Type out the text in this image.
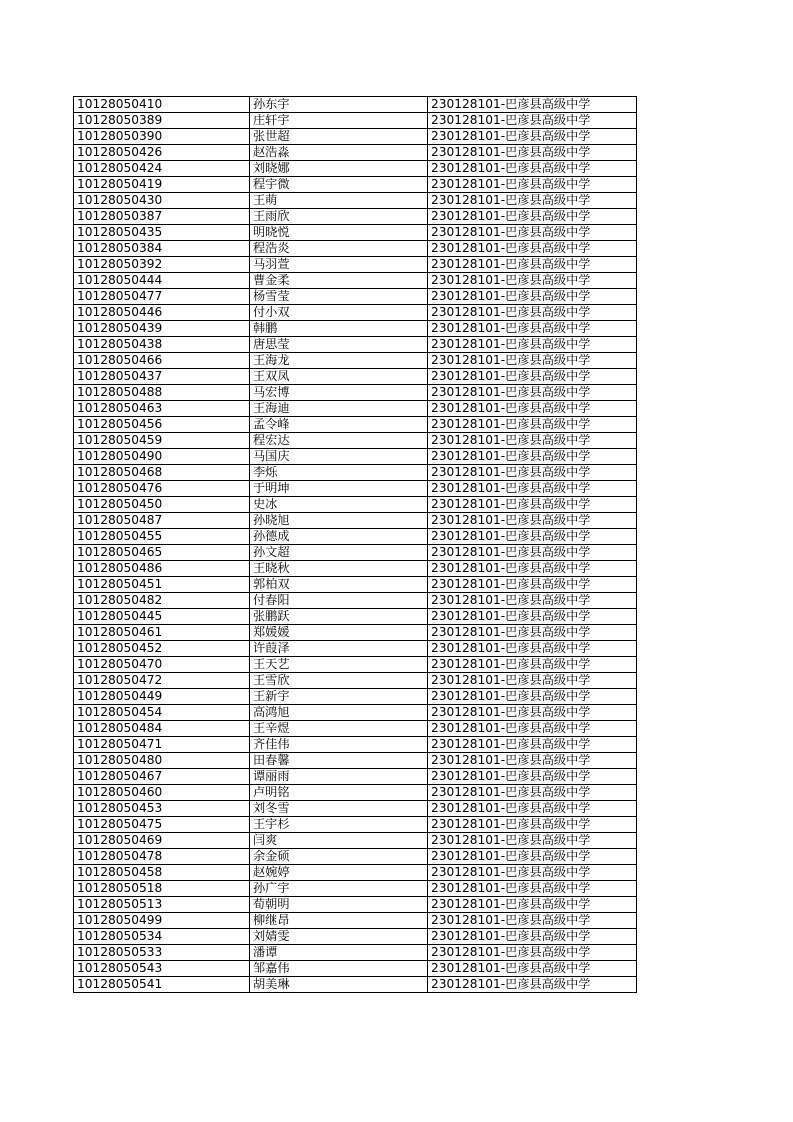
10128050410	孙东宇	230128101-巴彦县高级中学
10128050389	庄轩宇	230128101-巴彦县高级中学
10128050390	张世超	230128101-巴彦县高级中学
10128050426	赵浩淼	230128101-巴彦县高级中学
10128050424	刘晓娜	230128101-巴彦县高级中学
10128050419	程宇微	230128101-巴彦县高级中学
10128050430	王萌	230128101-巴彦县高级中学
10128050387	王雨欣	230128101-巴彦县高级中学
10128050435	明晓悦	230128101-巴彦县高级中学
10128050384	程浩炎	230128101-巴彦县高级中学
10128050392	马羽萱	230128101-巴彦县高级中学
10128050444	曹金柔	230128101-巴彦县高级中学
10128050477	杨雪莹	230128101-巴彦县高级中学
10128050446	付小双	230128101-巴彦县高级中学
10128050439	韩鹏	230128101-巴彦县高级中学
10128050438	唐思莹	230128101-巴彦县高级中学
10128050466	王海龙	230128101-巴彦县高级中学
10128050437	王双凤	230128101-巴彦县高级中学
10128050488	马宏博	230128101-巴彦县高级中学
10128050463	王海迪	230128101-巴彦县高级中学
10128050456	孟令峰	230128101-巴彦县高级中学
10128050459	程宏达	230128101-巴彦县高级中学
10128050490	马国庆	230128101-巴彦县高级中学
10128050468	李烁	230128101-巴彦县高级中学
10128050476	于明坤	230128101-巴彦县高级中学
10128050450	史冰	230128101-巴彦县高级中学
10128050487	孙晓旭	230128101-巴彦县高级中学
10128050455	孙德成	230128101-巴彦县高级中学
10128050465	孙文超	230128101-巴彦县高级中学
10128050486	王晓秋	230128101-巴彦县高级中学
10128050451	郭柏双	230128101-巴彦县高级中学
10128050482	付春阳	230128101-巴彦县高级中学
10128050445	张鹏跃	230128101-巴彦县高级中学
10128050461	郑媛媛	230128101-巴彦县高级中学
10128050452	许葭泽	230128101-巴彦县高级中学
10128050470	王天艺	230128101-巴彦县高级中学
10128050472	王雪欣	230128101-巴彦县高级中学
10128050449	王新宇	230128101-巴彦县高级中学
10128050454	高鸿旭	230128101-巴彦县高级中学
10128050484	王辛煜	230128101-巴彦县高级中学
10128050471	齐佳伟	230128101-巴彦县高级中学
10128050480	田春馨	230128101-巴彦县高级中学
10128050467	谭丽雨	230128101-巴彦县高级中学
10128050460	卢明铭	230128101-巴彦县高级中学
10128050453	刘冬雪	230128101-巴彦县高级中学
10128050475	王宇杉	230128101-巴彦县高级中学
10128050469	闫爽	230128101-巴彦县高级中学
10128050478	余金硕	230128101-巴彦县高级中学
10128050458	赵婉婷	230128101-巴彦县高级中学
10128050518	孙广宇	230128101-巴彦县高级中学
10128050513	荀朝明	230128101-巴彦县高级中学
10128050499	柳继昂	230128101-巴彦县高级中学
10128050534	刘婧雯	230128101-巴彦县高级中学
10128050533	潘谭	230128101-巴彦县高级中学
10128050543	邹嘉伟	230128101-巴彦县高级中学
10128050541	胡美琳	230128101-巴彦县高级中学
